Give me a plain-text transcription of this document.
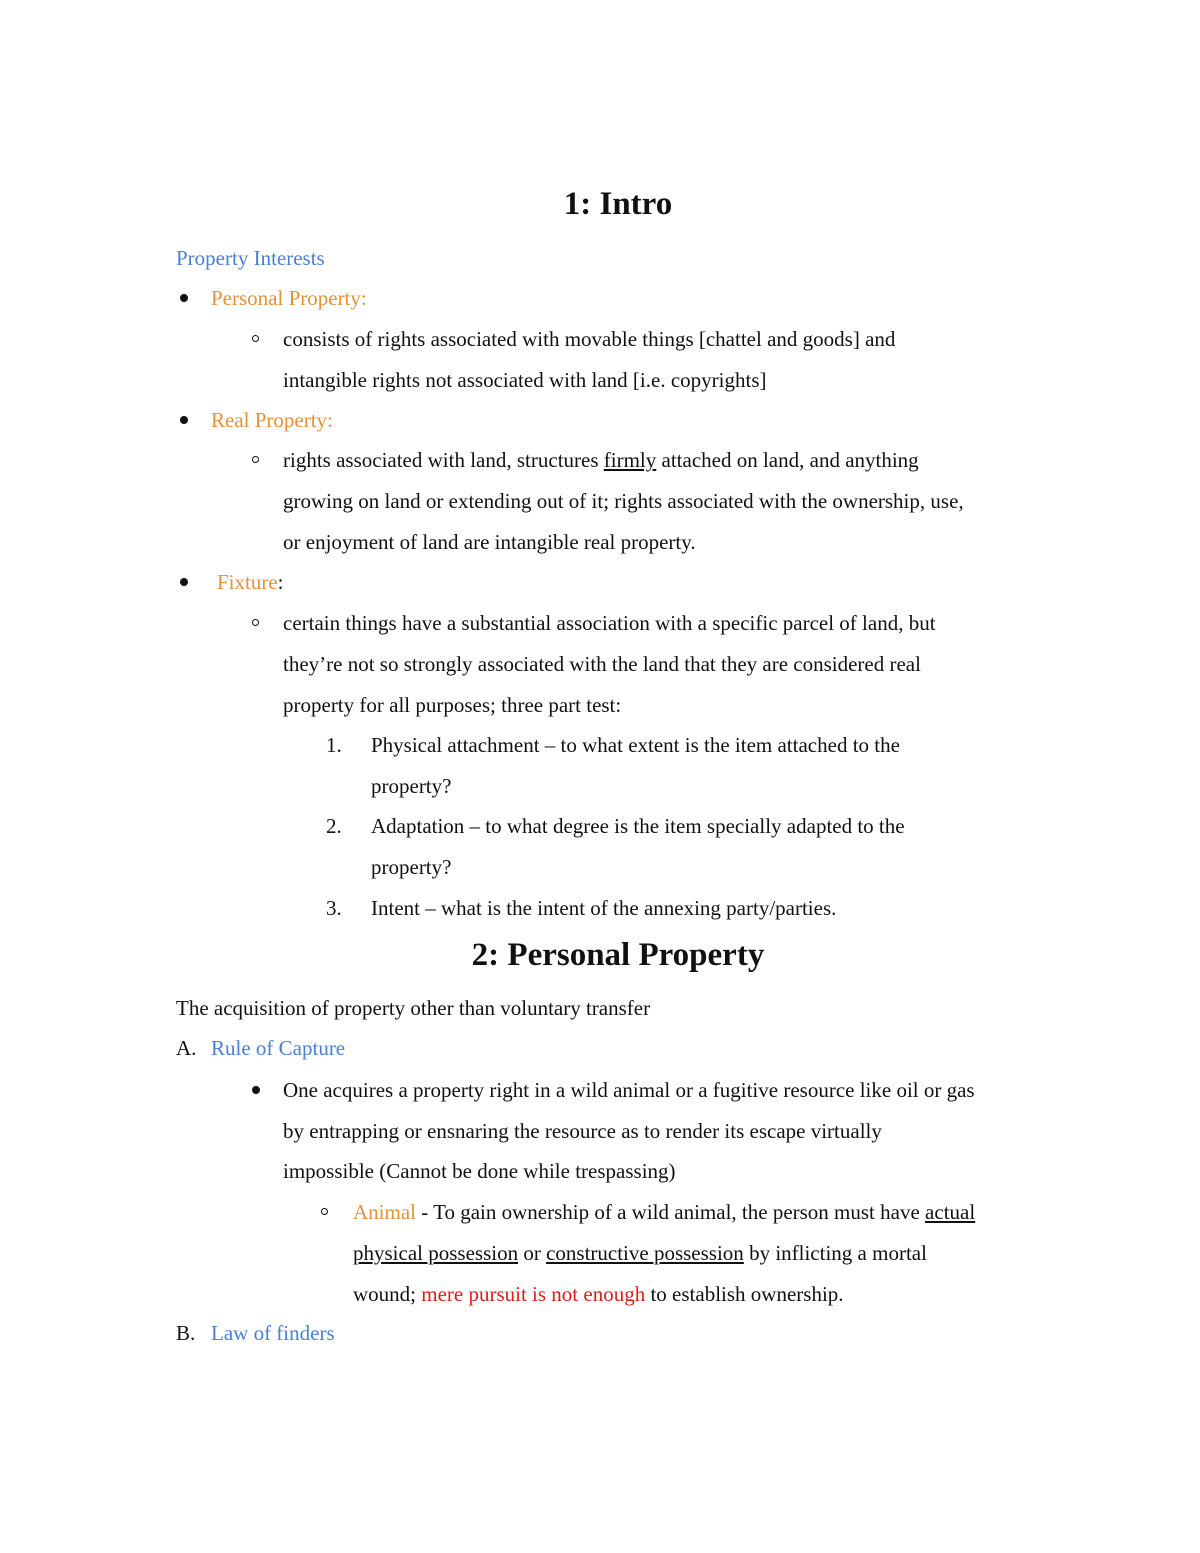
1: Intro
Property Interests
Personal Property:
consists of rights associated with movable things [chattel and goods] and
intangible rights not associated with land [i.e. copyrights]
Real Property:
rights associated with land, structures firmly attached on land, and anything
growing on land or extending out of it; rights associated with the ownership, use,
or enjoyment of land are intangible real property.
Fixture:
certain things have a substantial association with a specific parcel of land, but
they’re not so strongly associated with the land that they are considered real
property for all purposes; three part test:
1. Physical attachment – to what extent is the item attached to the
property?
2. Adaptation – to what degree is the item specially adapted to the
property?
3. Intent – what is the intent of the annexing party/parties.
2: Personal Property
The acquisition of property other than voluntary transfer
A. Rule of Capture
One acquires a property right in a wild animal or a fugitive resource like oil or gas
by entrapping or ensnaring the resource as to render its escape virtually
impossible (Cannot be done while trespassing)
Animal - To gain ownership of a wild animal, the person must have actual
physical possession or constructive possession by inflicting a mortal
wound; mere pursuit is not enough to establish ownership.
B. Law of finders
